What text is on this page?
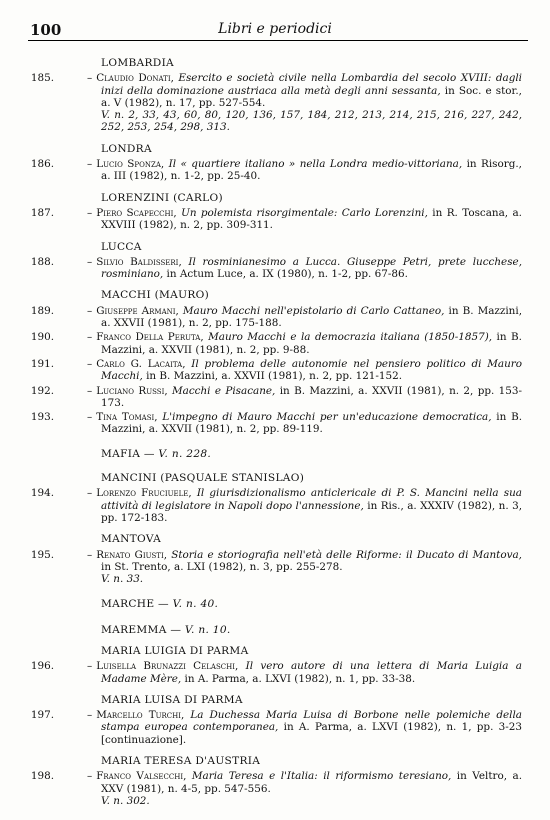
100	Libri e periodici
LOMBARDIA
185.	– Claudio Donati, Esercito e società civile nella Lombardia del secolo XVIII: dagli inizi della dominazione austriaca alla metà degli anni sessanta, in Soc. e stor., a. V (1982), n. 17, pp. 527-554.
V. n. 2, 33, 43, 60, 80, 120, 136, 157, 184, 212, 213, 214, 215, 216, 227, 242, 252, 253, 254, 298, 313.
LONDRA
186.	– Lucio Sponza, Il « quartiere italiano » nella Londra medio-vittoriana, in Risorg., a. III (1982), n. 1-2, pp. 25-40.
LORENZINI (CARLO)
187.	– Piero Scapecchi, Un polemista risorgimentale: Carlo Lorenzini, in R. Toscana, a. XXVIII (1982), n. 2, pp. 309-311.
LUCCA
188.	– Silvio Baldisseri, Il rosminianesimo a Lucca. Giuseppe Petri, prete lucchese, rosminiano, in Actum Luce, a. IX (1980), n. 1-2, pp. 67-86.
MACCHI (MAURO)
189.	– Giuseppe Armani, Mauro Macchi nell'epistolario di Carlo Cattaneo, in B. Mazzini, a. XXVII (1981), n. 2, pp. 175-188.
190.	– Franco Della Peruta, Mauro Macchi e la democrazia italiana (1850-1857), in B. Mazzini, a. XXVII (1981), n. 2, pp. 9-88.
191.	– Carlo G. Lacaita, Il problema delle autonomie nel pensiero politico di Mauro Macchi, in B. Mazzini, a. XXVII (1981), n. 2, pp. 121-152.
192.	– Luciano Russi, Macchi e Pisacane, in B. Mazzini, a. XXVII (1981), n. 2, pp. 153-173.
193.	– Tina Tomasi, L'impegno di Mauro Macchi per un'educazione democratica, in B. Mazzini, a. XXVII (1981), n. 2, pp. 89-119.
MAFIA — V. n. 228.
MANCINI (PASQUALE STANISLAO)
194.	– Lorenzo Fruciuele, Il giurisdizionalismo anticlericale di P. S. Mancini nella sua attività di legislatore in Napoli dopo l'annessione, in Ris., a. XXXIV (1982), n. 3, pp. 172-183.
MANTOVA
195.	– Renato Giusti, Storia e storiografia nell'età delle Riforme: il Ducato di Mantova, in St. Trento, a. LXI (1982), n. 3, pp. 255-278.
V. n. 33.
MARCHE — V. n. 40.
MAREMMA — V. n. 10.
MARIA LUIGIA DI PARMA
196.	– Luisella Brunazzi Celaschi, Il vero autore di una lettera di Maria Luigia a Madame Mère, in A. Parma, a. LXVI (1982), n. 1, pp. 33-38.
MARIA LUISA DI PARMA
197.	– Marcello Turchi, La Duchessa Maria Luisa di Borbone nelle polemiche della stampa europea contemporanea, in A. Parma, a. LXVI (1982), n. 1, pp. 3-23 [continuazione].
MARIA TERESA D'AUSTRIA
198.	– Franco Valsecchi, Maria Teresa e l'Italia: il riformismo teresiano, in Veltro, a. XXV (1981), n. 4-5, pp. 547-556.
V. n. 302.
